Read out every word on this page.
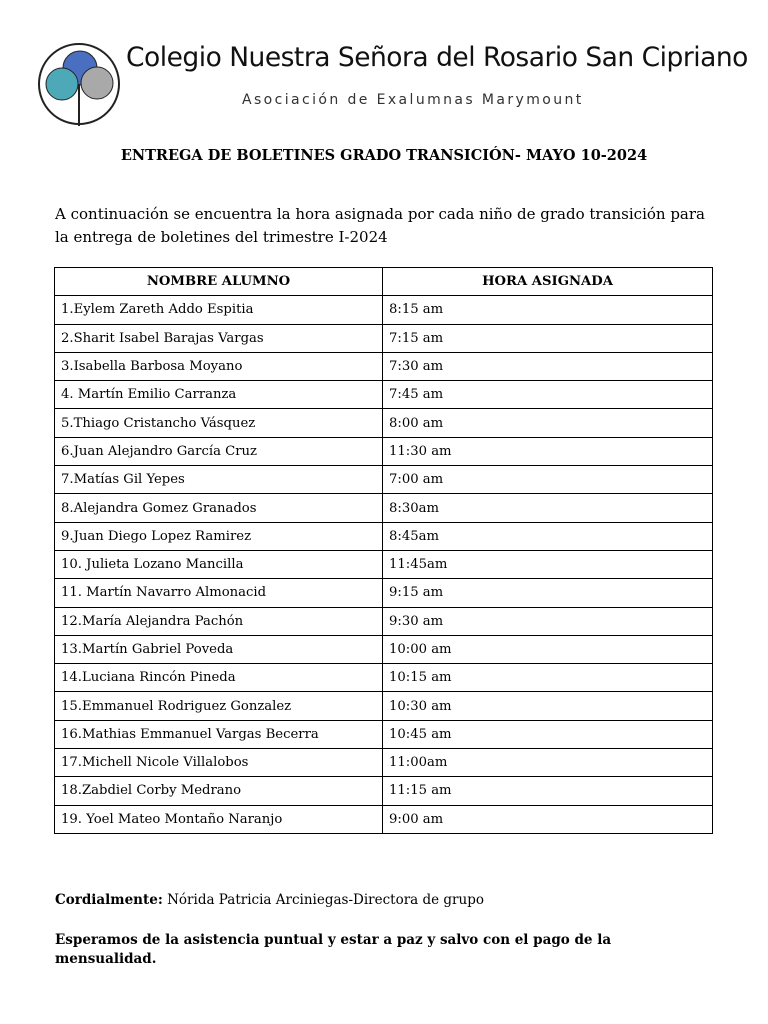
Colegio Nuestra Señora del Rosario San Cipriano
Asociación de Exalumnas Marymount
ENTREGA DE BOLETINES GRADO TRANSICIÓN- MAYO 10-2024
A continuación se encuentra la hora asignada por cada niño de grado transición para la entrega de boletines del trimestre I-2024
NOMBRE ALUMNO	HORA ASIGNADA
1.Eylem Zareth Addo Espitia	8:15 am
2.Sharit Isabel Barajas Vargas	7:15 am
3.Isabella Barbosa Moyano	7:30 am
4. Martín Emilio Carranza	7:45 am
5.Thiago Cristancho Vásquez	8:00 am
6.Juan Alejandro García Cruz	11:30 am
7.Matías Gil Yepes	7:00 am
8.Alejandra Gomez Granados	8:30am
9.Juan Diego Lopez Ramirez	8:45am
10. Julieta Lozano Mancilla	11:45am
11. Martín Navarro Almonacid	9:15 am
12.María Alejandra Pachón	9:30 am
13.Martín Gabriel Poveda	10:00 am
14.Luciana Rincón Pineda	10:15 am
15.Emmanuel Rodriguez Gonzalez	10:30 am
16.Mathias Emmanuel Vargas Becerra	10:45 am
17.Michell Nicole Villalobos	11:00am
18.Zabdiel Corby Medrano	11:15 am
19. Yoel Mateo Montaño Naranjo	9:00 am
Cordialmente: Nórida Patricia Arciniegas-Directora de grupo
Esperamos de la asistencia puntual y estar a paz y salvo con el pago de la mensualidad.
